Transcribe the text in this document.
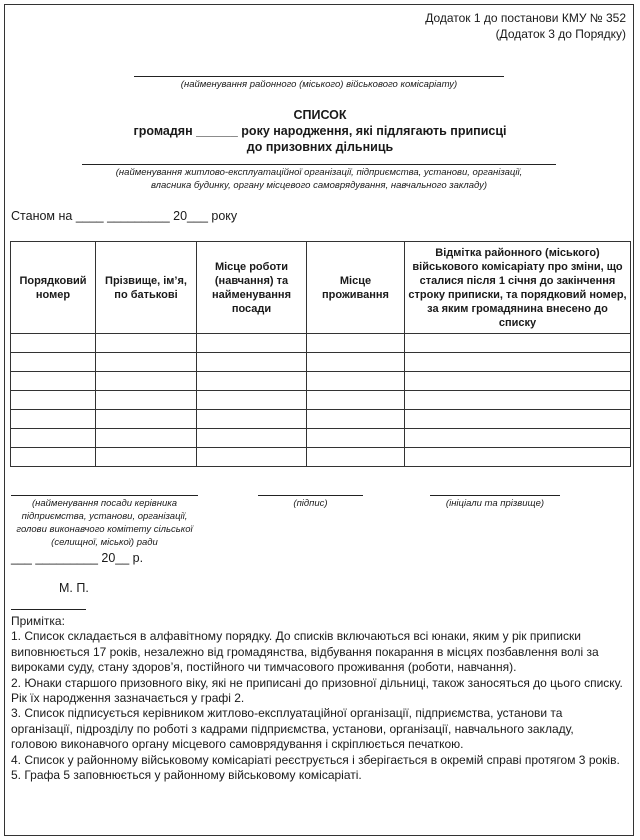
Додаток 1 до постанови КМУ № 352
(Додаток 3 до Порядку)
(найменування районного (міського) військового комісаріату)
СПИСОК
громадян ______ року народження, які підлягають приписці
до призовних дільниць
(найменування житлово-експлуатаційної організації, підприємства, установи, організації,
власника будинку, органу місцевого самоврядування, навчального закладу)
Станом на ____ _________ 20___ року
Порядковий номер	Прізвище, ім’я, по батькові	Місце роботи (навчання) та найменування посади	Місце проживання	Відмітка районного (міського) військового комісаріату про зміни, що сталися після 1 січня до закінчення строку приписки, та порядковий номер, за яким громадянина внесено до списку

(найменування посади керівника
підприємства, установи, організації,
голови виконавчого комітету сільської
(селищної, міської) ради
(підпис)	(ініціали та прізвище)
___ _________ 20__ р.
М. П.

Примітка:

1. Список складається в алфавітному порядку. До списків включаються всі юнаки, яким у рік приписки виповнюється 17 років, незалежно від громадянства, відбування покарання в місцях позбавлення волі за вироками суду, стану здоров’я, постійного чи тимчасового проживання (роботи, навчання).

2. Юнаки старшого призовного віку, які не приписані до призовної дільниці, також заносяться до цього списку. Рік їх народження зазначається у графі 2.

3. Список підписується керівником житлово-експлуатаційної організації, підприємства, установи та організації, підрозділу по роботі з кадрами підприємства, установи, організації, навчального закладу, головою виконавчого органу місцевого самоврядування і скріплюється печаткою.

4. Список у районному військовому комісаріаті реєструється і зберігається в окремій справі протягом 3 років.

5. Графа 5 заповнюється у районному військовому комісаріаті.
